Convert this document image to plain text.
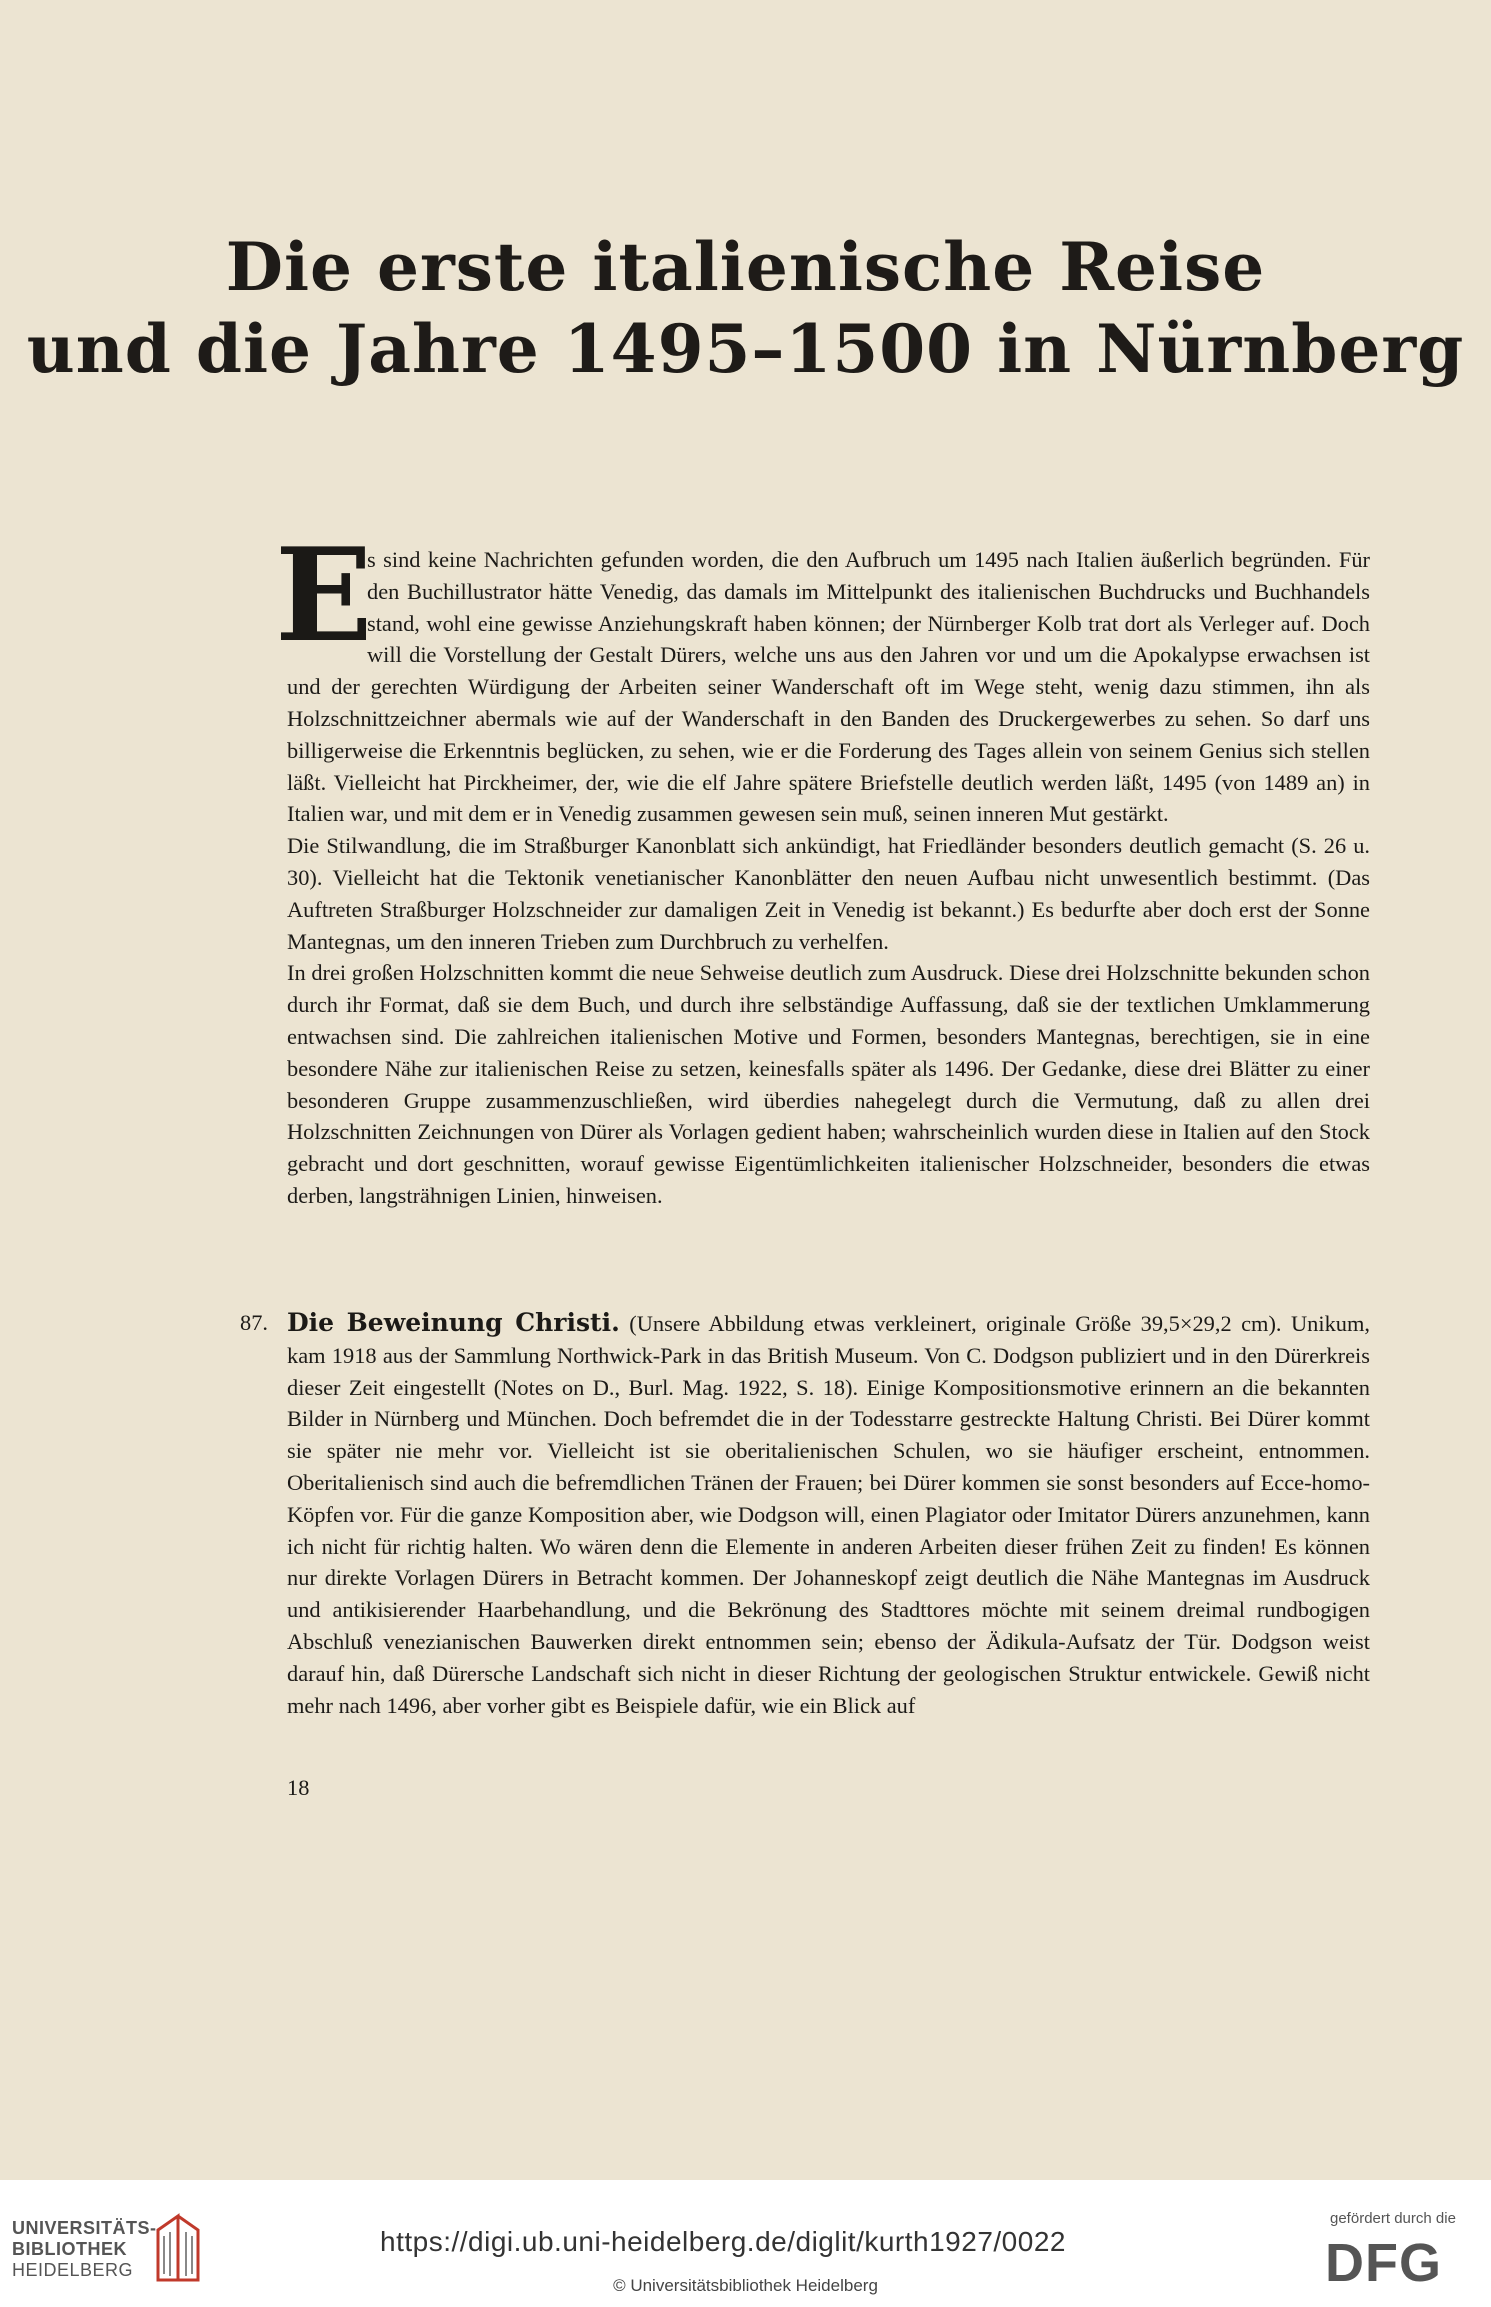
Die erste italienische Reise
und die Jahre 1495–1500 in Nürnberg
E

s sind keine Nachrichten gefunden worden, die den Aufbruch um 1495 nach Italien äußerlich begründen. Für den Buchillustrator hätte Venedig, das damals im Mittelpunkt des italienischen Buchdrucks und Buchhandels stand, wohl eine gewisse Anziehungskraft haben können; der Nürnberger Kolb trat dort als Verleger auf. Doch will die Vorstellung der Gestalt Dürers, welche uns aus den Jahren vor und um die Apokalypse erwachsen ist und der gerechten Würdigung der Arbeiten seiner Wanderschaft oft im Wege steht, wenig dazu stimmen, ihn als Holzschnittzeichner abermals wie auf der Wanderschaft in den Banden des Druckergewerbes zu sehen. So darf uns billigerweise die Erkenntnis beglücken, zu sehen, wie er die Forderung des Tages allein von seinem Genius sich stellen läßt. Vielleicht hat Pirckheimer, der, wie die elf Jahre spätere Briefstelle deutlich werden läßt, 1495 (von 1489 an) in Italien war, und mit dem er in Venedig zusammen gewesen sein muß, seinen inneren Mut gestärkt.

Die Stilwandlung, die im Straßburger Kanonblatt sich ankündigt, hat Friedländer besonders deutlich gemacht (S. 26 u. 30). Vielleicht hat die Tektonik venetianischer Kanonblätter den neuen Aufbau nicht unwesentlich bestimmt. (Das Auftreten Straßburger Holzschneider zur damaligen Zeit in Venedig ist bekannt.) Es bedurfte aber doch erst der Sonne Mantegnas, um den inneren Trieben zum Durchbruch zu verhelfen.

In drei großen Holzschnitten kommt die neue Sehweise deutlich zum Ausdruck. Diese drei Holzschnitte bekunden schon durch ihr Format, daß sie dem Buch, und durch ihre selbständige Auffassung, daß sie der textlichen Umklammerung entwachsen sind. Die zahlreichen italienischen Motive und Formen, besonders Mantegnas, berechtigen, sie in eine besondere Nähe zur italienischen Reise zu setzen, keinesfalls später als 1496. Der Gedanke, diese drei Blätter zu einer besonderen Gruppe zusammenzuschließen, wird überdies nahegelegt durch die Vermutung, daß zu allen drei Holzschnitten Zeichnungen von Dürer als Vorlagen gedient haben; wahrscheinlich wurden diese in Italien auf den Stock gebracht und dort geschnitten, worauf gewisse Eigentümlichkeiten italienischer Holzschneider, besonders die etwas derben, langsträhnigen Linien, hinweisen.

87. Die Beweinung Christi. (Unsere Abbildung etwas verkleinert, originale Größe 39,5×29,2 cm). Unikum, kam 1918 aus der Sammlung Northwick-Park in das British Museum. Von C. Dodgson publiziert und in den Dürerkreis dieser Zeit eingestellt (Notes on D., Burl. Mag. 1922, S. 18). Einige Kompositionsmotive erinnern an die bekannten Bilder in Nürnberg und München. Doch befremdet die in der Todesstarre gestreckte Haltung Christi. Bei Dürer kommt sie später nie mehr vor. Vielleicht ist sie oberitalienischen Schulen, wo sie häufiger erscheint, entnommen. Oberitalienisch sind auch die befremdlichen Tränen der Frauen; bei Dürer kommen sie sonst besonders auf Ecce-homo-Köpfen vor. Für die ganze Komposition aber, wie Dodgson will, einen Plagiator oder Imitator Dürers anzunehmen, kann ich nicht für richtig halten. Wo wären denn die Elemente in anderen Arbeiten dieser frühen Zeit zu finden! Es können nur direkte Vorlagen Dürers in Betracht kommen. Der Johanneskopf zeigt deutlich die Nähe Mantegnas im Ausdruck und antikisierender Haarbehandlung, und die Bekrönung des Stadttores möchte mit seinem dreimal rundbogigen Abschluß venezianischen Bauwerken direkt entnommen sein; ebenso der Ädikula-Aufsatz der Tür. Dodgson weist darauf hin, daß Dürersche Landschaft sich nicht in dieser Richtung der geologischen Struktur entwickele. Gewiß nicht mehr nach 1496, aber vorher gibt es Beispiele dafür, wie ein Blick auf
18
UNIVERSITÄTS-
BIBLIOTHEK
HEIDELBERG
https://digi.ub.uni-heidelberg.de/diglit/kurth1927/0022
© Universitätsbibliothek Heidelberg
gefördert durch die
DFG
